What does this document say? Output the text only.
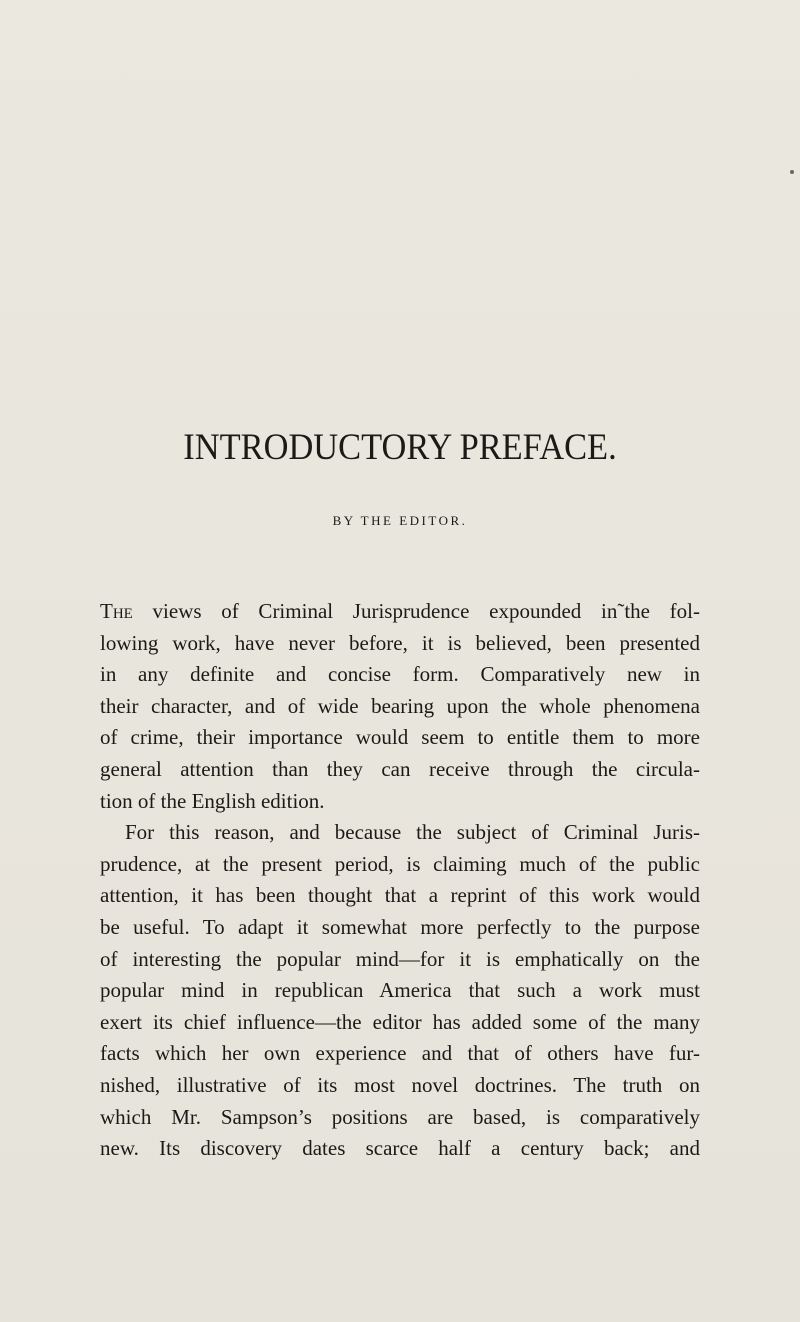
INTRODUCTORY PREFACE.
BY THE EDITOR.
The views of Criminal Jurisprudence expounded in˜the fol-
lowing work, have never before, it is believed, been presented
in any definite and concise form. Comparatively new in
their character, and of wide bearing upon the whole phenomena
of crime, their importance would seem to entitle them to more
general attention than they can receive through the circula-
tion of the English edition.
For this reason, and because the subject of Criminal Juris-
prudence, at the present period, is claiming much of the public
attention, it has been thought that a reprint of this work would
be useful. To adapt it somewhat more perfectly to the purpose
of interesting the popular mind—for it is emphatically on the
popular mind in republican America that such a work must
exert its chief influence—the editor has added some of the many
facts which her own experience and that of others have fur-
nished, illustrative of its most novel doctrines. The truth on
which Mr. Sampson’s positions are based, is comparatively
new. Its discovery dates scarce half a century back; and
